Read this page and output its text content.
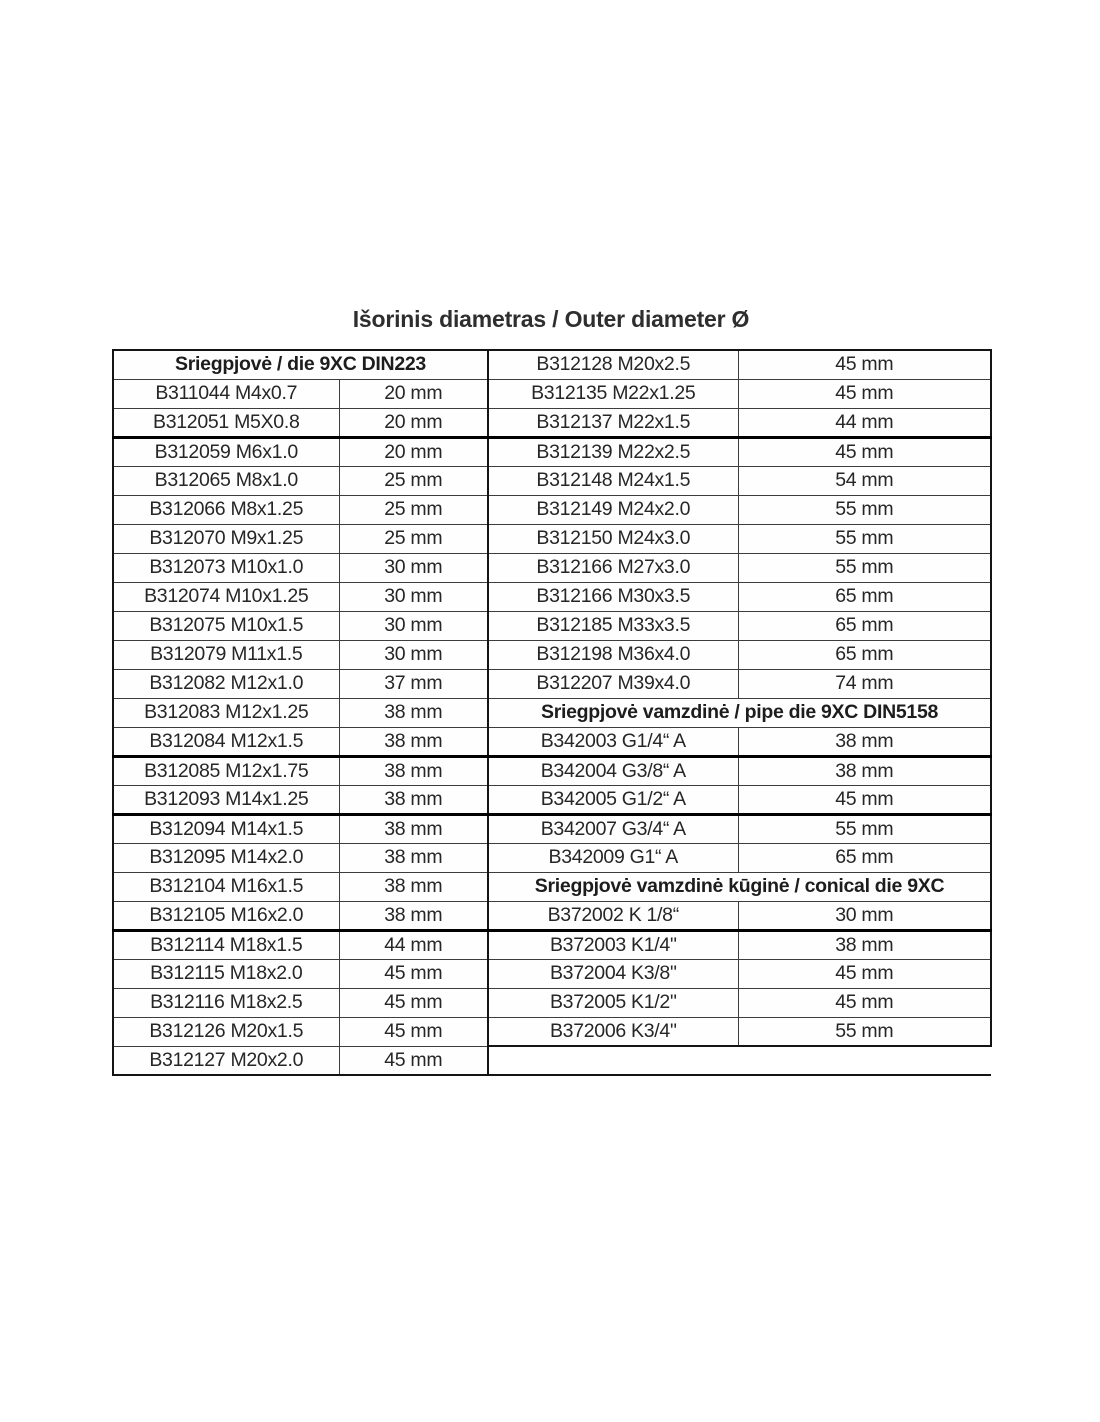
Išorinis diametras / Outer diameter Ø
Sriegpjovė / die 9XC DIN223		B312128 M20x2.5	45 mm
B311044 M4x0.7	20 mm	B312135 M22x1.25	45 mm
B312051 M5X0.8	20 mm	B312137 M22x1.5	44 mm
B312059 M6x1.0	20 mm	B312139 M22x2.5	45 mm
B312065 M8x1.0	25 mm	B312148 M24x1.5	54 mm
B312066 M8x1.25	25 mm	B312149 M24x2.0	55 mm
B312070 M9x1.25	25 mm	B312150 M24x3.0	55 mm
B312073 M10x1.0	30 mm	B312166 M27x3.0	55 mm
B312074 M10x1.25	30 mm	B312166 M30x3.5	65 mm
B312075 M10x1.5	30 mm	B312185 M33x3.5	65 mm
B312079 M11x1.5	30 mm	B312198 M36x4.0	65 mm
B312082 M12x1.0	37 mm	B312207 M39x4.0	74 mm
B312083 M12x1.25	38 mm	Sriegpjovė vamzdinė / pipe die 9XC DIN5158	
B312084 M12x1.5	38 mm	B342003 G1/4“ A	38 mm
B312085 M12x1.75	38 mm	B342004 G3/8“ A	38 mm
B312093 M14x1.25	38 mm	B342005 G1/2“ A	45 mm
B312094 M14x1.5	38 mm	B342007 G3/4“ A	55 mm
B312095 M14x2.0	38 mm	B342009 G1“ A	65 mm
B312104 M16x1.5	38 mm	Sriegpjovė vamzdinė kūginė / conical die 9XC	
B312105 M16x2.0	38 mm	B372002 K 1/8“	30 mm
B312114 M18x1.5	44 mm	B372003 K1/4"	38 mm
B312115 M18x2.0	45 mm	B372004 K3/8"	45 mm
B312116 M18x2.5	45 mm	B372005 K1/2"	45 mm
B312126 M20x1.5	45 mm	B372006 K3/4"	55 mm
B312127 M20x2.0	45 mm		
